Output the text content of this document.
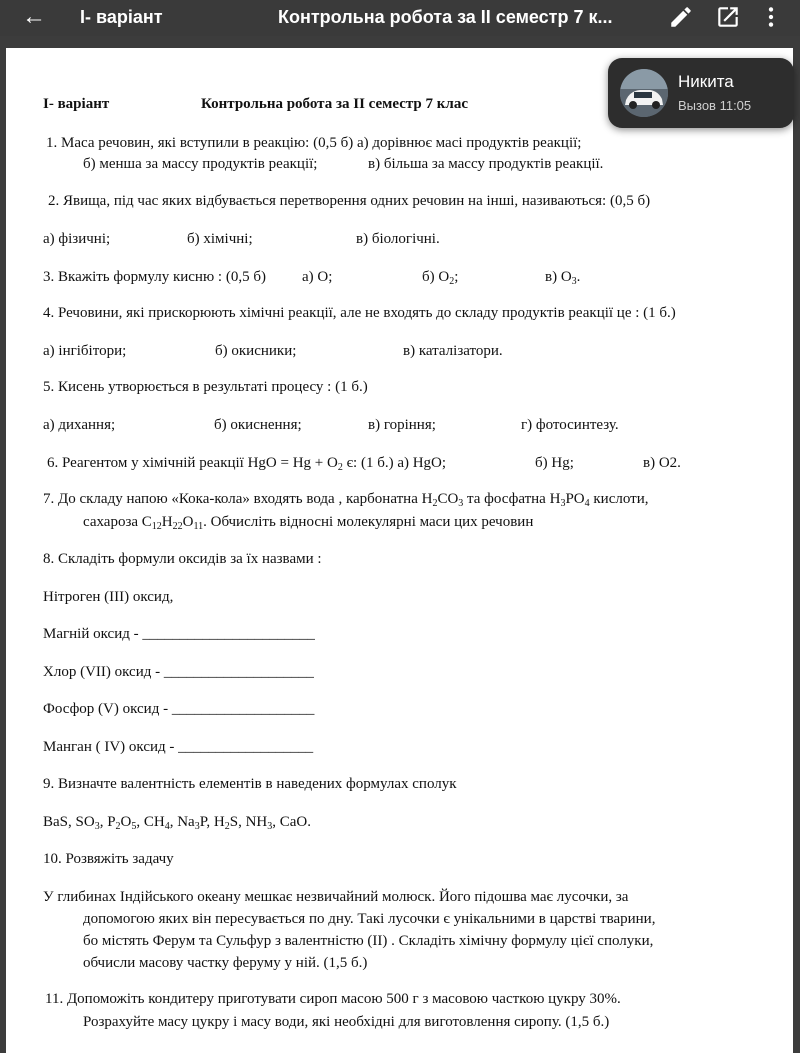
← I- варіант	Контрольна робота за II семестр 7 к...
І- варіант	Контрольна робота за II семестр 7 клас
1. Маса речовин, які вступили в реакцію: (0,5 б) а) дорівнює масі продуктів реакції;
б) менша за массу продуктів реакції;	в) більша за массу продуктів реакції.
2. Явища, під час яких відбувається перетворення одних речовин на інші, називаються: (0,5 б)
а) фізичні;	б) хімічні;	в) біологічні.
3. Вкажіть формулу кисню : (0,5 б) а) О;	б) $О_2$;	в) $О_3$.
4. Речовини, які прискорюють хімічні реакції, але не входять до складу продуктів реакції це : (1 б.)
а) інгібітори;	б) окисники;	в) каталізатори.
5. Кисень утворюється в результаті процесу : (1 б.)
а) дихання;	б) окиснення;	в) горіння;	г) фотосинтезу.
6. Реагентом у хімічній реакції HgO = $Hg + O_2$ є: (1 б.) а) HgO;	б) Hg;	в) O2.
7. До складу напою «Кока-кола» входять вода , карбонатна $H_2CO_3$ та фосфатна $H_3PO_4$ кислоти,
сахароза $C_{12}H_{22}O_{11}$. Обчисліть відносні молекулярні маси цих речовин
8. Складіть формули оксидів за їх назвами :
Нітроген (ІІІ) оксид,
Магній оксид - _______________________
Хлор (VІІ) оксид - ____________________
Фосфор (V) оксид - ___________________
Манган ( IV) оксид - __________________
9. Визначте валентність елементів в наведених формулах сполук
BaS, $SO_3$, $P_2O_5$, $CH_4$, $Na_3P$, $H_2S$, $NH_3$, CaO.
10. Розвяжіть задачу
У глибинах Індійського океану мешкає незвичайний молюск. Його підошва має лусочки, за
допомогою яких він пересувається по дну. Такі лусочки є унікальними в царстві тварини,
бо містять Ферум та Сульфур з валентністю (ІІ) . Складіть хімічну формулу цієї сполуки,
обчисли масову частку феруму у ній. (1,5 б.)
11. Допоможіть кондитеру приготувати сироп масою 500 г з масовою часткою цукру 30%.
Розрахуйте масу цукру і масу води, які необхідні для виготовлення сиропу. (1,5 б.)
Никита
Вызов 11:05
